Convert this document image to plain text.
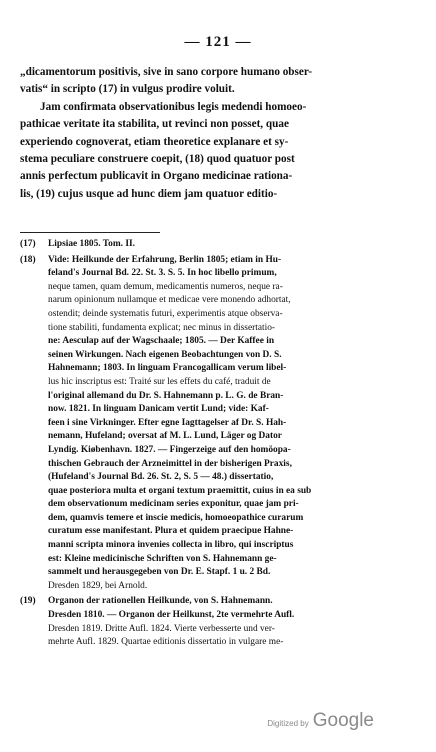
— 121 —

„dicamentorum positivis, sive in sano corpore humano obser-

vatis“ in scripto (17) in vulgus prodire voluit.

Jam confirmata observationibus legis medendi homoeo-

pathicae veritate ita stabilita, ut revinci non posset, quae

experiendo cognoverat, etiam theoretice explanare et sy-

stema peculiare construere coepit, (18) quod quatuor post

annis perfectum publicavit in Organo medicinae rationa-

lis, (19) cujus usque ad hunc diem jam quatuor editio-

(17)	Lipsiae 1805. Tom. II.
(18)	Vide: Heilkunde der Erfahrung, Berlin 1805; etiam in Hu-
feland's Journal Bd. 22. St. 3. S. 5. In hoc libello primum,
neque tamen, quam demum, medicamentis numeros, neque ra-
narum opinionum nullamque et medicae vere monendo adhortat,
ostendit; deinde systematis futuri, experimentis atque observa-
tione stabiliti, fundamenta explicat; nec minus in dissertatio-
ne: Aesculap auf der Wagschaale; 1805. — Der Kaffee in
seinen Wirkungen. Nach eigenen Beobachtungen von D. S.
Hahnemann; 1803. In linguam Francogallicam verum libel-
lus hic inscriptus est: Traité sur les effets du café, traduit de
l'original allemand du Dr. S. Hahnemann p. L. G. de Bran-
now. 1821. In linguam Danicam vertit Lund; vide: Kaf-
feen i sine Virkninger. Efter egne Iagttagelser af Dr. S. Hah-
nemann, Hufeland; oversat af M. L. Lund, Läger og Dator
Lyndig. Kiøbenhavn. 1827. — Fingerzeige auf den homöopa-
thischen Gebrauch der Arzneimittel in der bisherigen Praxis,
(Hufeland's Journal Bd. 26. St. 2, S. 5 — 48.) dissertatio,
quae posteriora multa et organi textum praemittit, cuius in ea sub
dem observationum medicinam series exponitur, quae jam pri-
dem, quamvis temere et inscie medicis, homoeopathice curarum
curatum esse manifestant. Plura et quidem praecipue Hahne-
manni scripta minora invenies collecta in libro, qui inscriptus
est: Kleine medicinische Schriften von S. Hahnemann ge-
sammelt und herausgegeben von Dr. E. Stapf. 1 u. 2 Bd.
Dresden 1829, bei Arnold.
(19)	Organon der rationellen Heilkunde, von S. Hahnemann.
Dresden 1810. — Organon der Heilkunst, 2te vermehrte Aufl.
Dresden 1819. Dritte Aufl. 1824. Vierte verbesserte und ver-
mehrte Aufl. 1829. Quartae editionis dissertatio in vulgare me-
Digitized by Google
